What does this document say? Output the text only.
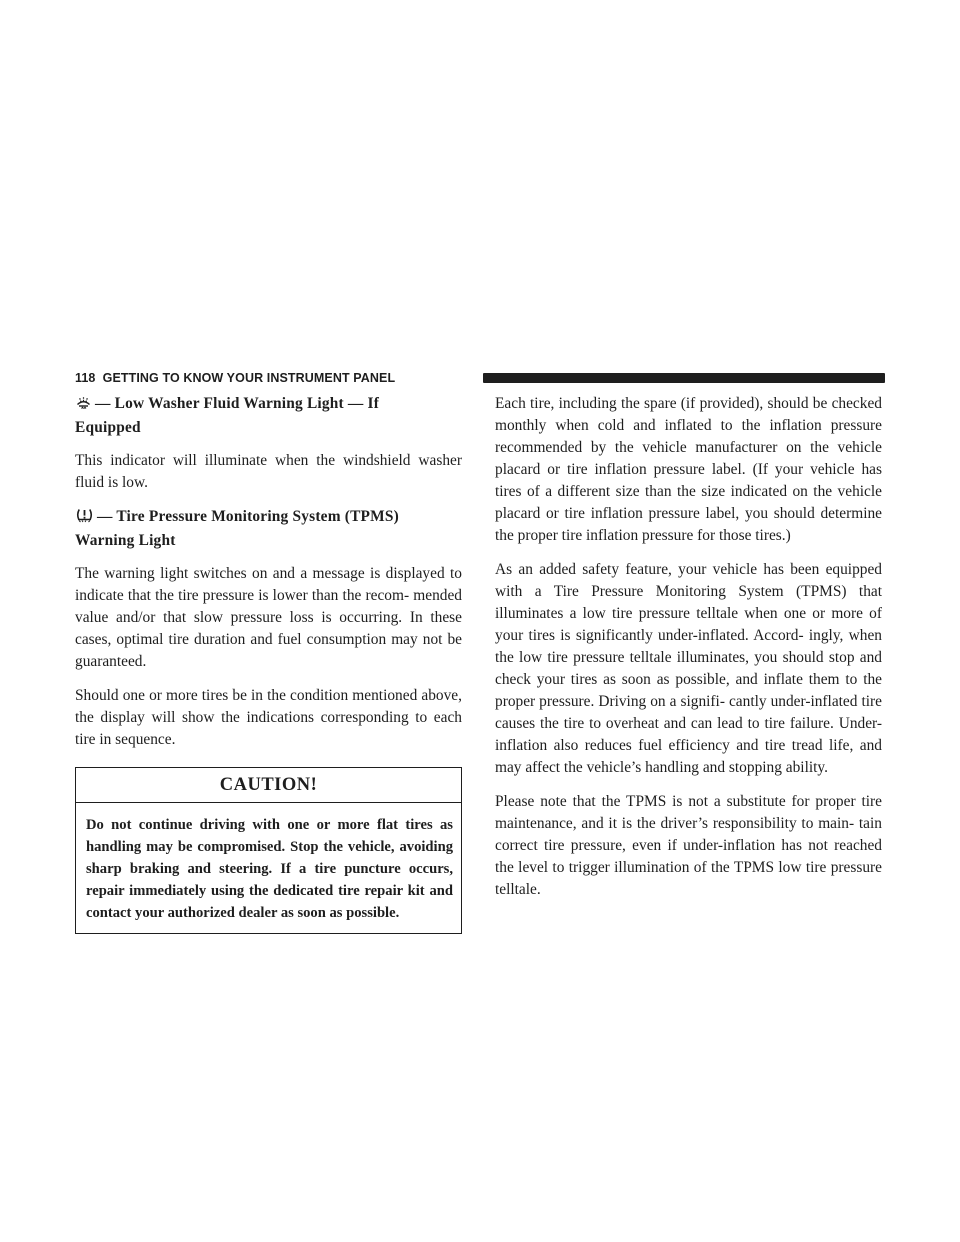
118 GETTING TO KNOW YOUR INSTRUMENT PANEL
— Low Washer Fluid Warning Light — If
Equipped

This indicator will illuminate when the windshield washer fluid is low.

— Tire Pressure Monitoring System (TPMS)
Warning Light

The warning light switches on and a message is displayed to indicate that the tire pressure is lower than the recom- mended value and/or that slow pressure loss is occurring. In these cases, optimal tire duration and fuel consumption may not be guaranteed.

Should one or more tires be in the condition mentioned above, the display will show the indications corresponding to each tire in sequence.

CAUTION!
Do not continue driving with one or more flat tires as handling may be compromised. Stop the vehicle, avoiding sharp braking and steering. If a tire puncture occurs, repair immediately using the dedicated tire repair kit and contact your authorized dealer as soon as possible.

Each tire, including the spare (if provided), should be checked monthly when cold and inflated to the inflation pressure recommended by the vehicle manufacturer on the vehicle placard or tire inflation pressure label. (If your vehicle has tires of a different size than the size indicated on the vehicle placard or tire inflation pressure label, you should determine the proper tire inflation pressure for those tires.)

As an added safety feature, your vehicle has been equipped with a Tire Pressure Monitoring System (TPMS) that illuminates a low tire pressure telltale when one or more of your tires is significantly under-inflated. Accord- ingly, when the low tire pressure telltale illuminates, you should stop and check your tires as soon as possible, and inflate them to the proper pressure. Driving on a signifi- cantly under-inflated tire causes the tire to overheat and can lead to tire failure. Under-inflation also reduces fuel efficiency and tire tread life, and may affect the vehicle’s handling and stopping ability.

Please note that the TPMS is not a substitute for proper tire maintenance, and it is the driver’s responsibility to main- tain correct tire pressure, even if under-inflation has not reached the level to trigger illumination of the TPMS low tire pressure telltale.
